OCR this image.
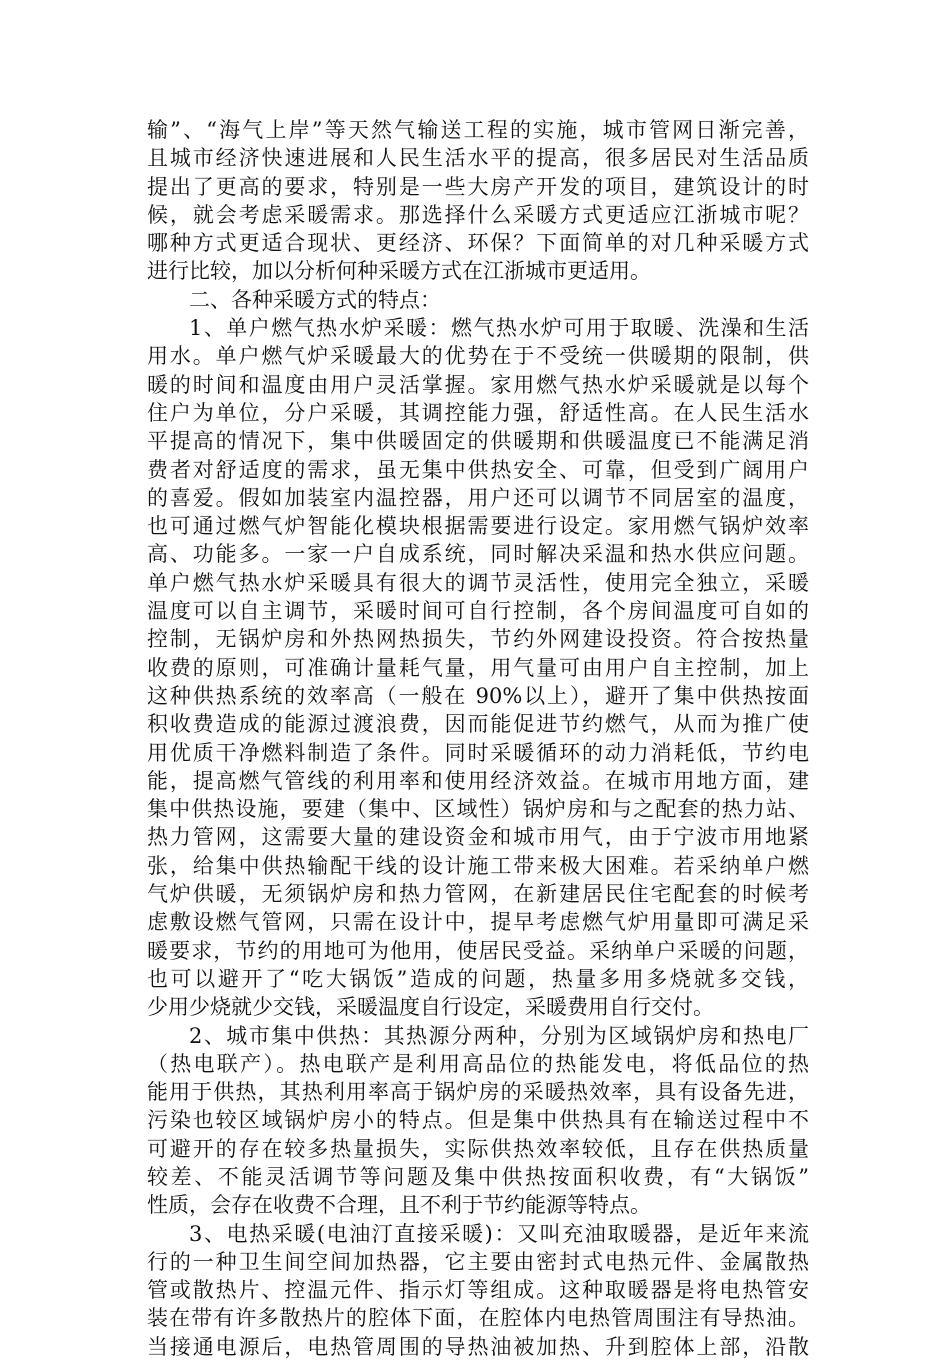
输”、“海气上岸”等天然气输送工程的实施，城市管网日渐完善，
且城市经济快速进展和人民生活水平的提高，很多居民对生活品质
提出了更高的要求，特别是一些大房产开发的项目，建筑设计的时
候，就会考虑采暖需求。那选择什么采暖方式更适应江浙城市呢？
哪种方式更适合现状、更经济、环保？下面简单的对几种采暖方式
进行比较，加以分析何种采暖方式在江浙城市更适用。
二、各种采暖方式的特点：
1、单户燃气热水炉采暖：燃气热水炉可用于取暖、洗澡和生活
用水。单户燃气炉采暖最大的优势在于不受统一供暖期的限制，供
暖的时间和温度由用户灵活掌握。家用燃气热水炉采暖就是以每个
住户为单位，分户采暖，其调控能力强，舒适性高。在人民生活水
平提高的情况下，集中供暖固定的供暖期和供暖温度已不能满足消
费者对舒适度的需求，虽无集中供热安全、可靠，但受到广阔用户
的喜爱。假如加装室内温控器，用户还可以调节不同居室的温度，
也可通过燃气炉智能化模块根据需要进行设定。家用燃气锅炉效率
高、功能多。一家一户自成系统，同时解决采温和热水供应问题。
单户燃气热水炉采暖具有很大的调节灵活性，使用完全独立，采暖
温度可以自主调节，采暖时间可自行控制，各个房间温度可自如的
控制，无锅炉房和外热网热损失，节约外网建设投资。符合按热量
收费的原则，可准确计量耗气量，用气量可由用户自主控制，加上
这种供热系统的效率高（一般在 90%以上），避开了集中供热按面
积收费造成的能源过渡浪费，因而能促进节约燃气，从而为推广使
用优质干净燃料制造了条件。同时采暖循环的动力消耗低，节约电
能，提高燃气管线的利用率和使用经济效益。在城市用地方面，建
集中供热设施，要建（集中、区域性）锅炉房和与之配套的热力站、
热力管网，这需要大量的建设资金和城市用气，由于宁波市用地紧
张，给集中供热输配干线的设计施工带来极大困难。若采纳单户燃
气炉供暖，无须锅炉房和热力管网，在新建居民住宅配套的时候考
虑敷设燃气管网，只需在设计中，提早考虑燃气炉用量即可满足采
暖要求，节约的用地可为他用，使居民受益。采纳单户采暖的问题，
也可以避开了“吃大锅饭”造成的问题，热量多用多烧就多交钱，
少用少烧就少交钱，采暖温度自行设定，采暖费用自行交付。
2、城市集中供热：其热源分两种，分别为区域锅炉房和热电厂
（热电联产）。热电联产是利用高品位的热能发电，将低品位的热
能用于供热，其热利用率高于锅炉房的采暖热效率，具有设备先进，
污染也较区域锅炉房小的特点。但是集中供热具有在输送过程中不
可避开的存在较多热量损失，实际供热效率较低，且存在供热质量
较差、不能灵活调节等问题及集中供热按面积收费，有“大锅饭”
性质，会存在收费不合理，且不利于节约能源等特点。
3、电热采暖(电油汀直接采暖)：又叫充油取暖器，是近年来流
行的一种卫生间空间加热器，它主要由密封式电热元件、金属散热
管或散热片、控温元件、指示灯等组成。这种取暖器是将电热管安
装在带有许多散热片的腔体下面，在腔体内电热管周围注有导热油。
当接通电源后，电热管周围的导热油被加热、升到腔体上部，沿散
